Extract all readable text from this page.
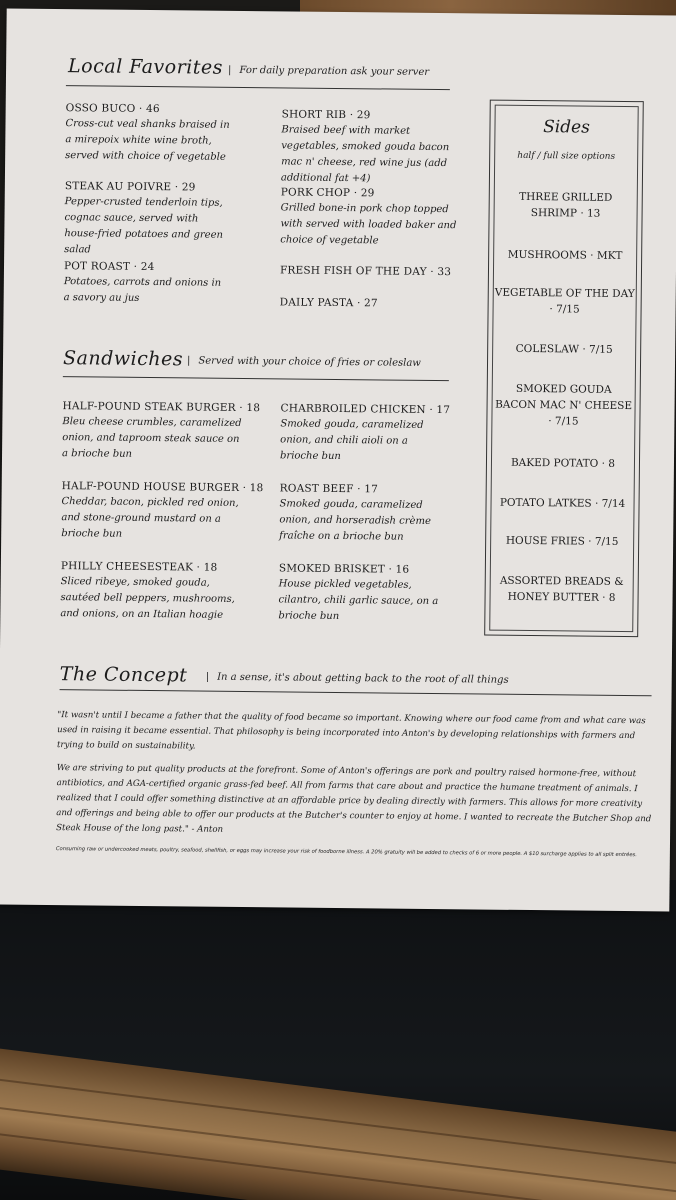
Local Favorites | For daily preparation ask your server
OSSO BUCO · 46
Cross-cut veal shanks braised in a mirepoix white wine broth, served with choice of vegetable
STEAK AU POIVRE · 29
Pepper-crusted tenderloin tips, cognac sauce, served with house-fried potatoes and green salad
POT ROAST · 24
Potatoes, carrots and onions in a savory au jus
SHORT RIB · 29
Braised beef with market vegetables, smoked gouda bacon mac n' cheese, red wine jus (add additional fat +4)
PORK CHOP · 29
Grilled bone-in pork chop topped with served with loaded baker and choice of vegetable
FRESH FISH OF THE DAY · 33
DAILY PASTA · 27
Sandwiches | Served with your choice of fries or coleslaw
HALF-POUND STEAK BURGER · 18
Bleu cheese crumbles, caramelized onion, and taproom steak sauce on a brioche bun
HALF-POUND HOUSE BURGER · 18
Cheddar, bacon, pickled red onion, and stone-ground mustard on a brioche bun
PHILLY CHEESESTEAK · 18
Sliced ribeye, smoked gouda, sautéed bell peppers, mushrooms, and onions, on an Italian hoagie
CHARBROILED CHICKEN · 17
Smoked gouda, caramelized onion, and chili aioli on a brioche bun
ROAST BEEF · 17
Smoked gouda, caramelized onion, and horseradish crème fraîche on a brioche bun
SMOKED BRISKET · 16
House pickled vegetables, cilantro, chili garlic sauce, on a brioche bun
Sides
half / full size options
THREE GRILLED SHRIMP · 13
MUSHROOMS · MKT
VEGETABLE OF THE DAY · 7/15
COLESLAW · 7/15
SMOKED GOUDA BACON MAC N' CHEESE · 7/15
BAKED POTATO · 8
POTATO LATKES · 7/14
HOUSE FRIES · 7/15
ASSORTED BREADS & HONEY BUTTER · 8
The Concept | In a sense, it's about getting back to the root of all things
"It wasn't until I became a father that the quality of food became so important. Knowing where our food came from and what care was used in raising it became essential. That philosophy is being incorporated into Anton's by developing relationships with farmers and trying to build on sustainability.
We are striving to put quality products at the forefront. Some of Anton's offerings are pork and poultry raised hormone-free, without antibiotics, and AGA-certified organic grass-fed beef. All from farms that care about and practice the humane treatment of animals. I realized that I could offer something distinctive at an affordable price by dealing directly with farmers. This allows for more creativity and offerings and being able to offer our products at the Butcher's counter to enjoy at home. I wanted to recreate the Butcher Shop and Steak House of the long past." - Anton
Consuming raw or undercooked meats, poultry, seafood, shellfish, or eggs may increase your risk of foodborne illness. A 20% gratuity will be added to checks of 6 or more people. A $10 surcharge applies to all split entrées.
